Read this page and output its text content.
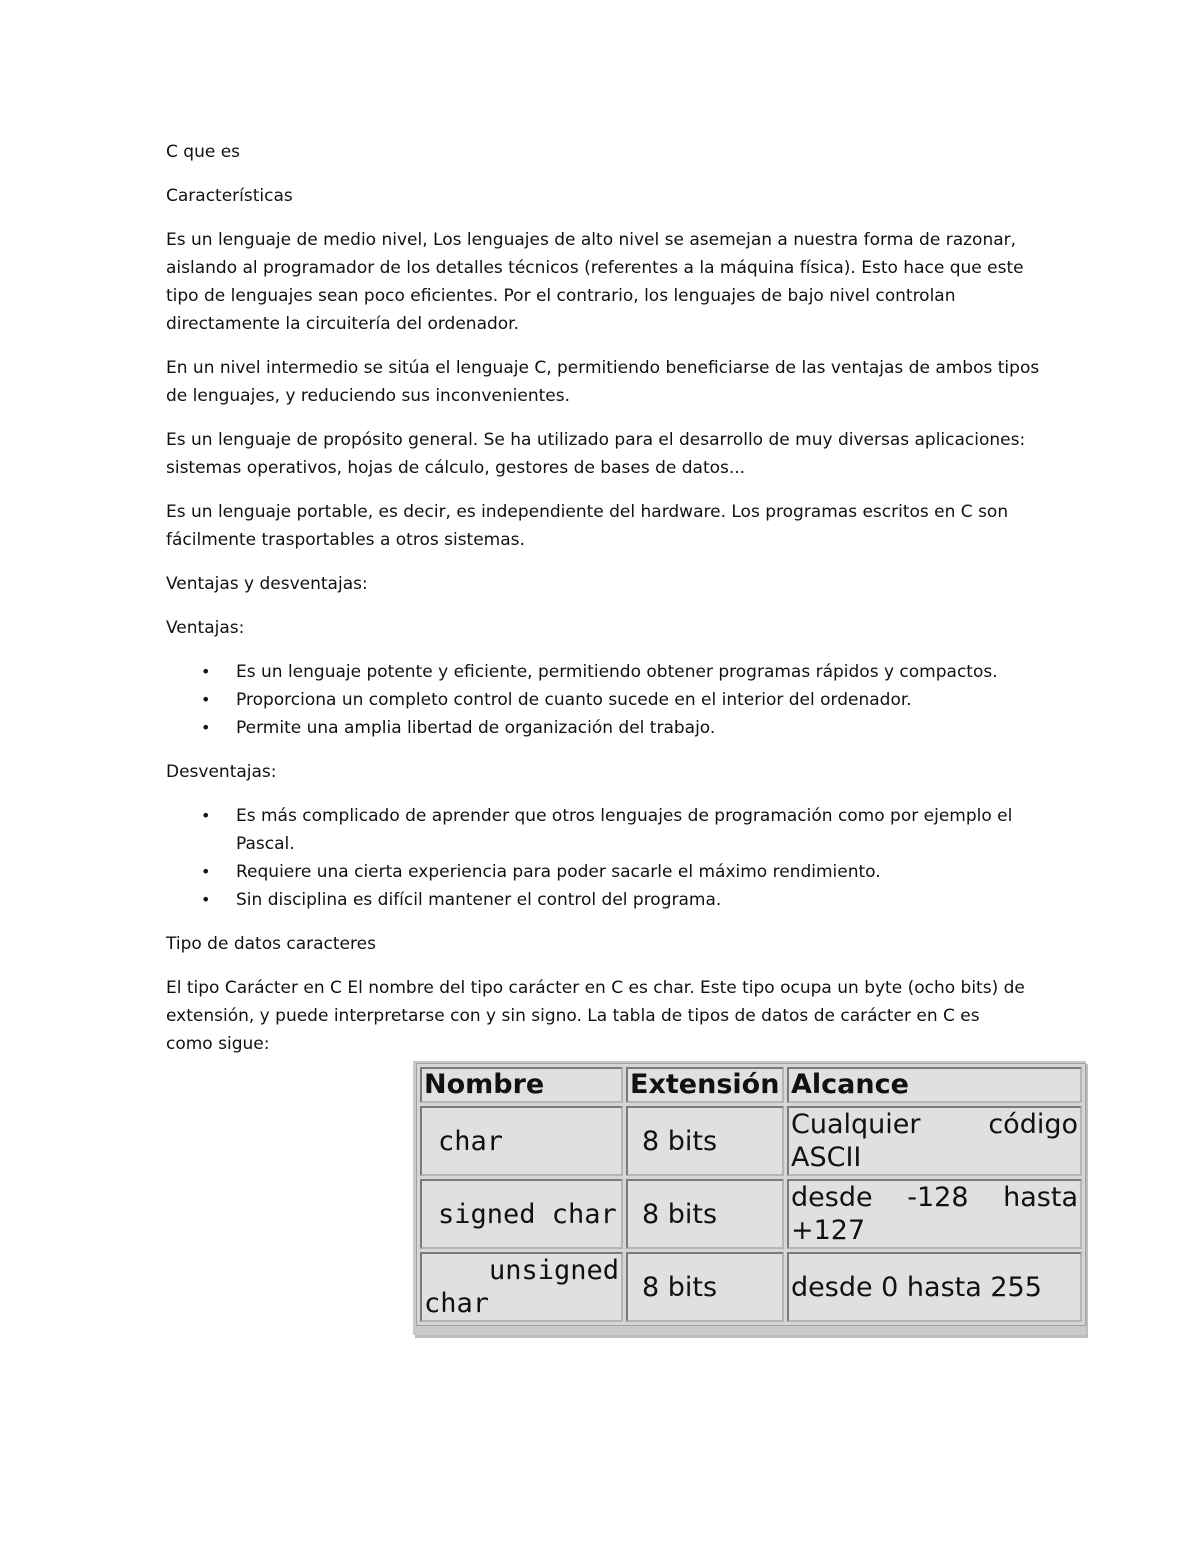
C que es

Características

Es un lenguaje de medio nivel, Los lenguajes de alto nivel se asemejan a nuestra forma de razonar, aislando al programador de los detalles técnicos (referentes a la máquina física). Esto hace que este tipo de lenguajes sean poco eficientes. Por el contrario, los lenguajes de bajo nivel controlan directamente la circuitería del ordenador.

En un nivel intermedio se sitúa el lenguaje C, permitiendo beneficiarse de las ventajas de ambos tipos de lenguajes, y reduciendo sus inconvenientes.

Es un lenguaje de propósito general. Se ha utilizado para el desarrollo de muy diversas aplicaciones: sistemas operativos, hojas de cálculo, gestores de bases de datos...

Es un lenguaje portable, es decir, es independiente del hardware. Los programas escritos en C son fácilmente trasportables a otros sistemas.

Ventajas y desventajas:

Ventajas:

• Es un lenguaje potente y eficiente, permitiendo obtener programas rápidos y compactos.
• Proporciona un completo control de cuanto sucede en el interior del ordenador.
• Permite una amplia libertad de organización del trabajo.

Desventajas:

• Es más complicado de aprender que otros lenguajes de programación como por ejemplo el Pascal.
• Requiere una cierta experiencia para poder sacarle el máximo rendimiento.
• Sin disciplina es difícil mantener el control del programa.

Tipo de datos caracteres

El tipo Carácter en C El nombre del tipo carácter en C es char. Este tipo ocupa un byte (ocho bits) de extensión, y puede interpretarse con y sin signo. La tabla de tipos de datos de carácter en C es como sigue:

Nombre	Extensión	Alcance
char	8 bits	Cualquier código
ASCII

signed char	8 bits	desde -128 hasta
+127

unsigned
char	8 bits	desde 0 hasta 255
